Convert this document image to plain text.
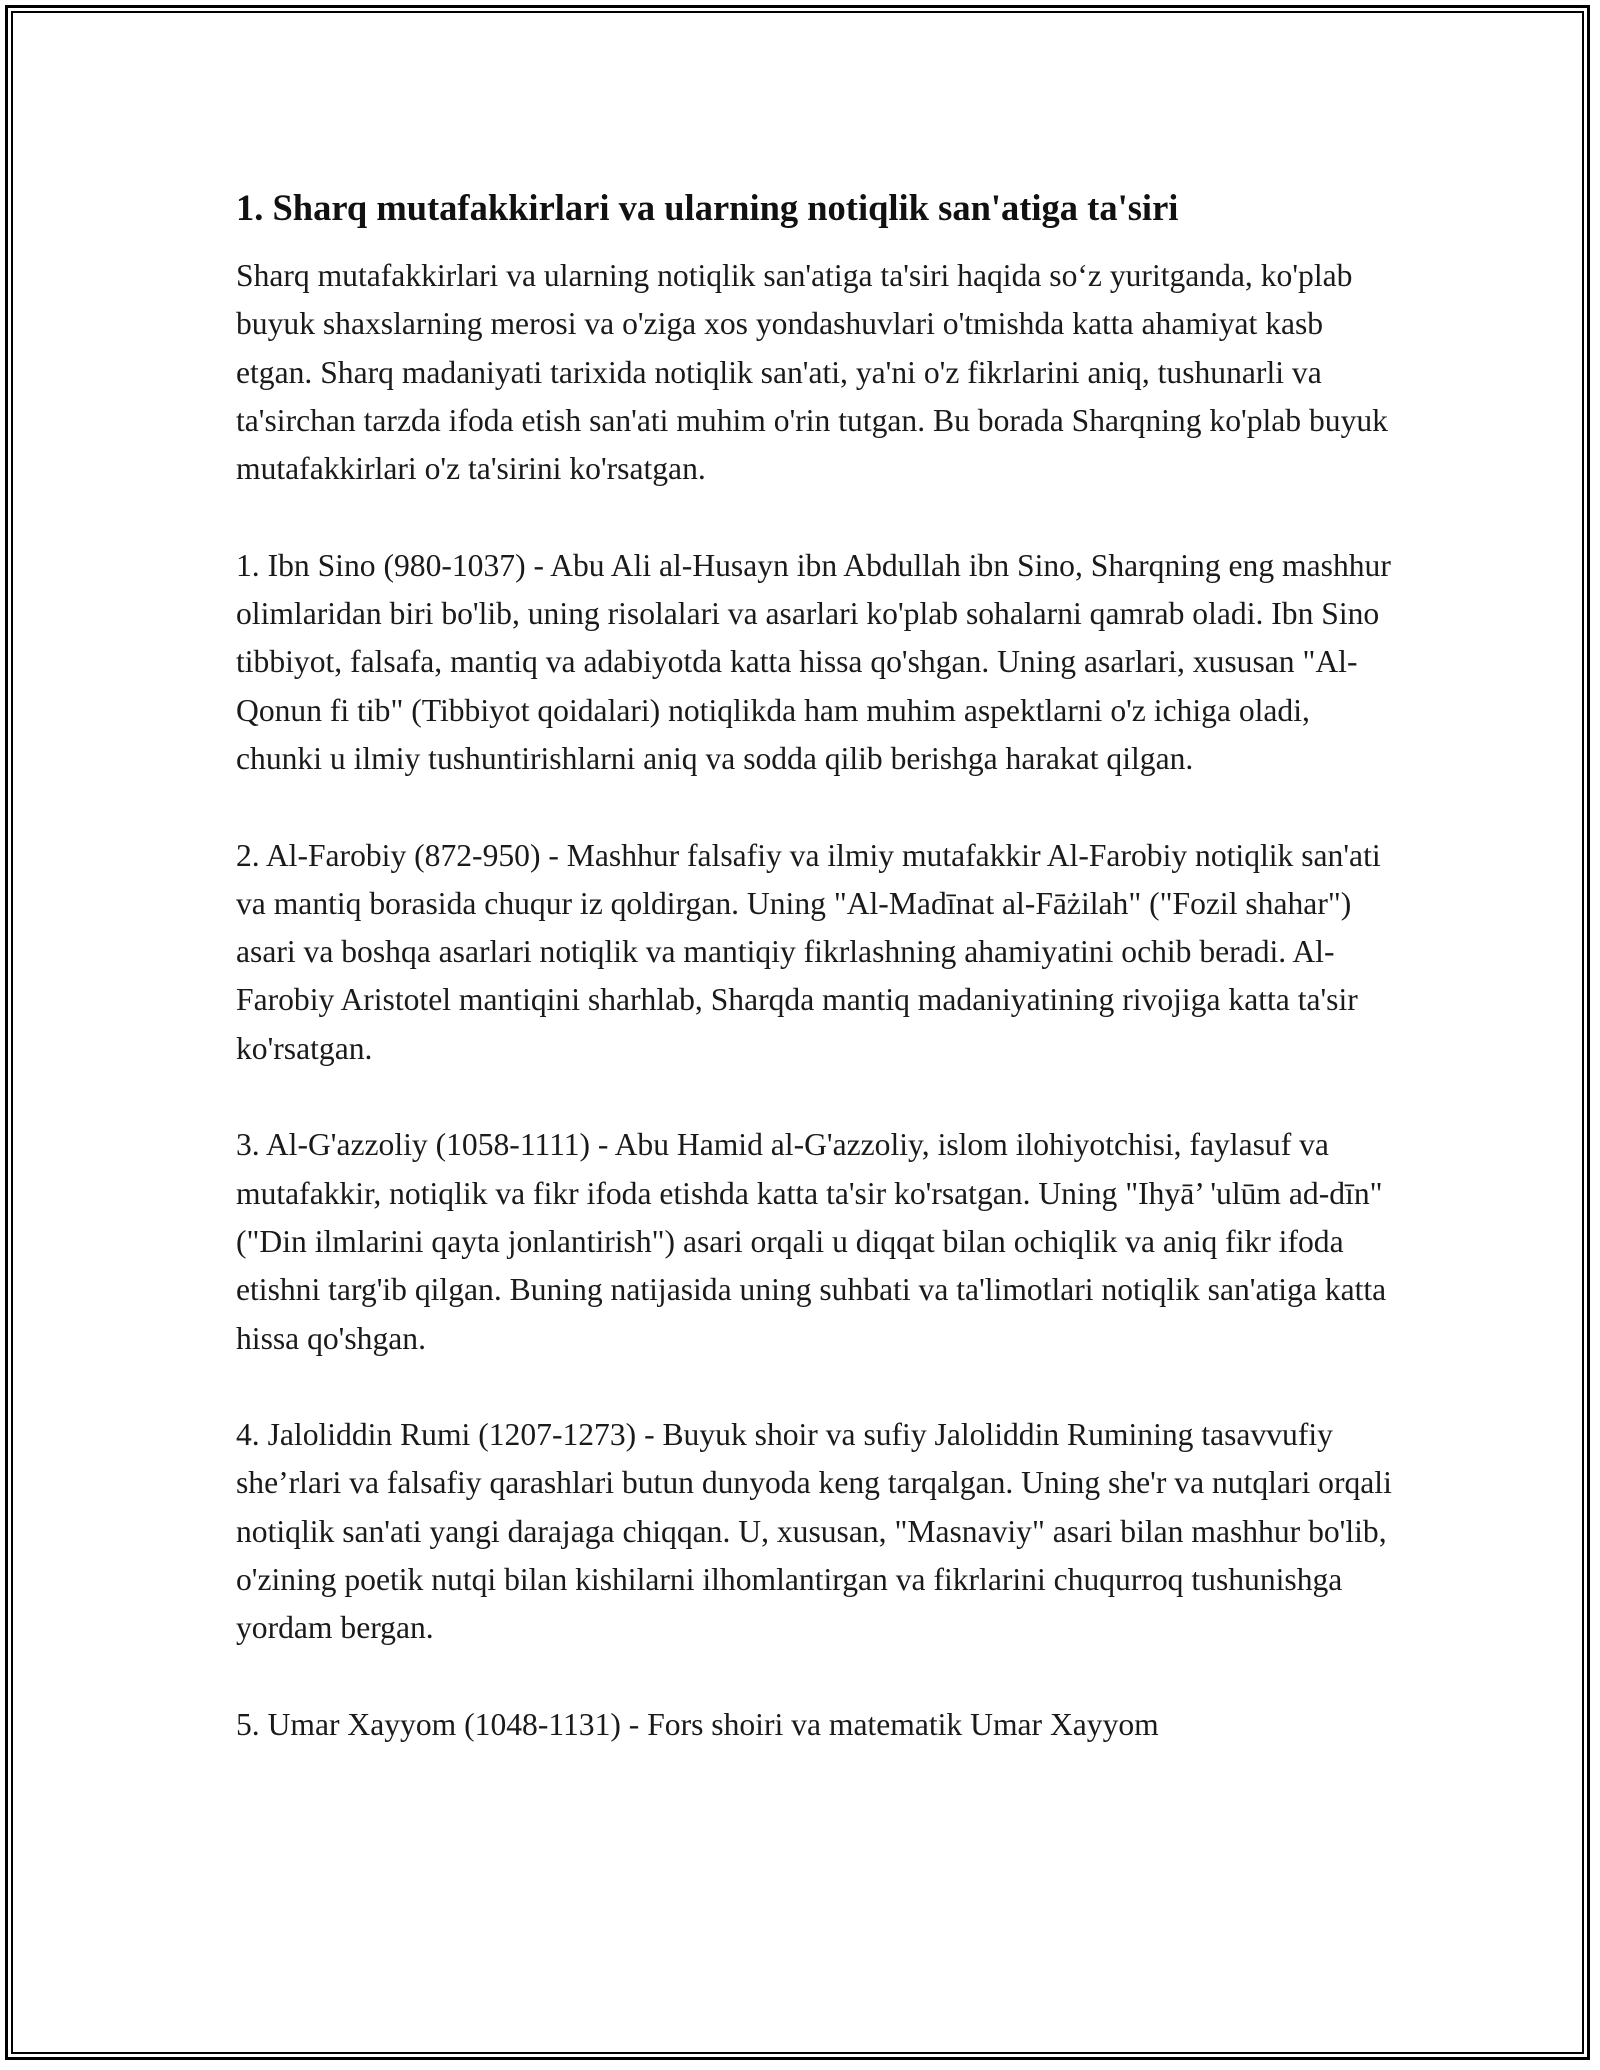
1. Sharq mutafakkirlari va ularning notiqlik san'atiga ta'siri

Sharq mutafakkirlari va ularning notiqlik san'atiga ta'siri haqida so‘z yuritganda, ko'plab buyuk shaxslarning merosi va o'ziga xos yondashuvlari o'tmishda katta ahamiyat kasb etgan. Sharq madaniyati tarixida notiqlik san'ati, ya'ni o'z fikrlarini aniq, tushunarli va ta'sirchan tarzda ifoda etish san'ati muhim o'rin tutgan. Bu borada Sharqning ko'plab buyuk mutafakkirlari o'z ta'sirini ko'rsatgan.

1. Ibn Sino (980-1037) - Abu Ali al-Husayn ibn Abdullah ibn Sino, Sharqning eng mashhur olimlaridan biri bo'lib, uning risolalari va asarlari ko'plab sohalarni qamrab oladi. Ibn Sino tibbiyot, falsafa, mantiq va adabiyotda katta hissa qo'shgan. Uning asarlari, xususan "Al-Qonun fi tib" (Tibbiyot qoidalari) notiqlikda ham muhim aspektlarni o'z ichiga oladi, chunki u ilmiy tushuntirishlarni aniq va sodda qilib berishga harakat qilgan.

2. Al-Farobiy (872-950) - Mashhur falsafiy va ilmiy mutafakkir Al-Farobiy notiqlik san'ati va mantiq borasida chuqur iz qoldirgan. Uning "Al-Madīnat al-Fāżilah" ("Fozil shahar") asari va boshqa asarlari notiqlik va mantiqiy fikrlashning ahamiyatini ochib beradi. Al-Farobiy Aristotel mantiqini sharhlab, Sharqda mantiq madaniyatining rivojiga katta ta'sir ko'rsatgan.

3. Al-G'azzoliy (1058-1111) - Abu Hamid al-G'azzoliy, islom ilohiyotchisi, faylasuf va mutafakkir, notiqlik va fikr ifoda etishda katta ta'sir ko'rsatgan. Uning "Ihyā’ 'ulūm ad-dīn" ("Din ilmlarini qayta jonlantirish") asari orqali u diqqat bilan ochiqlik va aniq fikr ifoda etishni targ'ib qilgan. Buning natijasida uning suhbati va ta'limotlari notiqlik san'atiga katta hissa qo'shgan.

4. Jaloliddin Rumi (1207-1273) - Buyuk shoir va sufiy Jaloliddin Rumining tasavvufiy she’rlari va falsafiy qarashlari butun dunyoda keng tarqalgan. Uning she'r va nutqlari orqali notiqlik san'ati yangi darajaga chiqqan. U, xususan, "Masnaviy" asari bilan mashhur bo'lib, o'zining poetik nutqi bilan kishilarni ilhomlantirgan va fikrlarini chuqurroq tushunishga yordam bergan.

5. Umar Xayyom (1048-1131) - Fors shoiri va matematik Umar Xayyom
